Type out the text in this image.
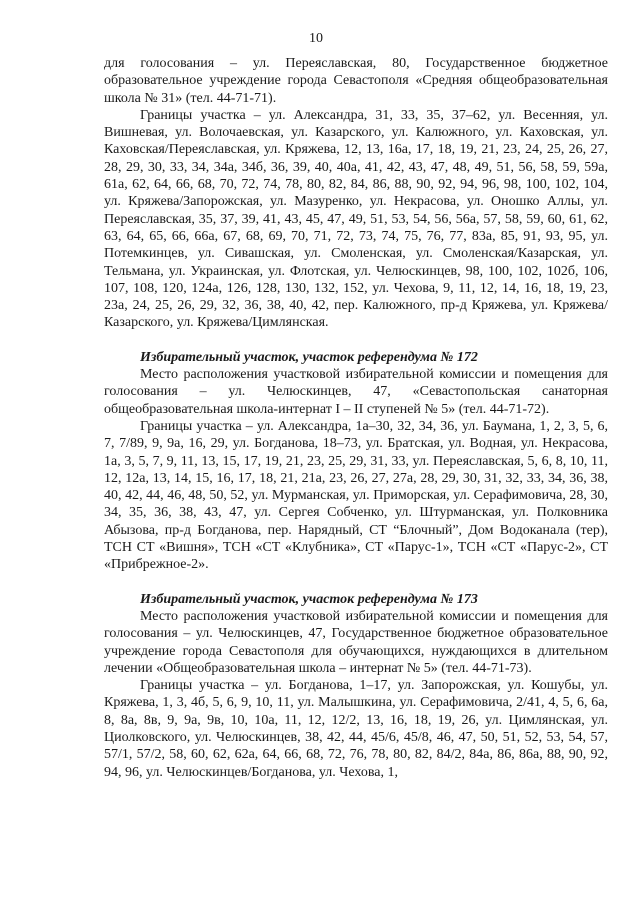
10

для голосования – ул. Переяславская, 80, Государственное бюджетное образовательное учреждение города Севастополя «Средняя общеобразовательная школа № 31» (тел. 44-71-71).

Границы участка – ул. Александра, 31, 33, 35, 37–62, ул. Весенняя, ул. Вишневая, ул. Волочаевская, ул. Казарского, ул. Калюжного, ул. Каховская, ул. Каховская/Переяславская, ул. Кряжева, 12, 13, 16а, 17, 18, 19, 21, 23, 24, 25, 26, 27, 28, 29, 30, 33, 34, 34а, 34б, 36, 39, 40, 40а, 41, 42, 43, 47, 48, 49, 51, 56, 58, 59, 59а, 61а, 62, 64, 66, 68, 70, 72, 74, 78, 80, 82, 84, 86, 88, 90, 92, 94, 96, 98, 100, 102, 104, ул. Кряжева/Запорожская, ул. Мазуренко, ул. Некрасова, ул. Оношко Аллы, ул. Переяславская, 35, 37, 39, 41, 43, 45, 47, 49, 51, 53, 54, 56, 56а, 57, 58, 59, 60, 61, 62, 63, 64, 65, 66, 66а, 67, 68, 69, 70, 71, 72, 73, 74, 75, 76, 77, 83а, 85, 91, 93, 95, ул. Потемкинцев, ул. Сивашская, ул. Смоленская, ул. Смоленская/Казарская, ул. Тельмана, ул. Украинская, ул. Флотская, ул. Челюскинцев, 98, 100, 102, 102б, 106, 107, 108, 120, 124а, 126, 128, 130, 132, 152, ул. Чехова, 9, 11, 12, 14, 16, 18, 19, 23, 23а, 24, 25, 26, 29, 32, 36, 38, 40, 42, пер. Калюжного, пр-д Кряжева, ул. Кряжева/Казарского, ул. Кряжева/Цимлянская.

Избирательный участок, участок референдума № 172

Место расположения участковой избирательной комиссии и помещения для голосования – ул. Челюскинцев, 47, «Севастопольская санаторная общеобразовательная школа-интернат I – II ступеней № 5» (тел. 44-71-72).

Границы участка – ул. Александра, 1а–30, 32, 34, 36, ул. Баумана, 1, 2, 3, 5, 6, 7, 7/89, 9, 9а, 16, 29, ул. Богданова, 18–73, ул. Братская, ул. Водная, ул. Некрасова, 1а, 3, 5, 7, 9, 11, 13, 15, 17, 19, 21, 23, 25, 29, 31, 33, ул. Переяславская, 5, 6, 8, 10, 11, 12, 12а, 13, 14, 15, 16, 17, 18, 21, 21а, 23, 26, 27, 27а, 28, 29, 30, 31, 32, 33, 34, 36, 38, 40, 42, 44, 46, 48, 50, 52, ул. Мурманская, ул. Приморская, ул. Серафимовича, 28, 30, 34, 35, 36, 38, 43, 47, ул. Сергея Собченко, ул. Штурманская, ул. Полковника Абызова, пр-д Богданова, пер. Нарядный, СТ “Блочный”, Дом Водоканала (тер), ТСН СТ «Вишня», ТСН «СТ «Клубника», СТ «Парус-1», ТСН «СТ «Парус-2», СТ «Прибрежное-2».

Избирательный участок, участок референдума № 173

Место расположения участковой избирательной комиссии и помещения для голосования – ул. Челюскинцев, 47, Государственное бюджетное образовательное учреждение города Севастополя для обучающихся, нуждающихся в длительном лечении «Общеобразовательная школа – интернат № 5» (тел. 44-71-73).

Границы участка – ул. Богданова, 1–17, ул. Запорожская, ул. Кошубы, ул. Кряжева, 1, 3, 4б, 5, 6, 9, 10, 11, ул. Малышкина, ул. Серафимовича, 2/41, 4, 5, 6, 6а, 8, 8а, 8в, 9, 9а, 9в, 10, 10а, 11, 12, 12/2, 13, 16, 18, 19, 26, ул. Цимлянская, ул. Циолковского, ул. Челюскинцев, 38, 42, 44, 45/6, 45/8, 46, 47, 50, 51, 52, 53, 54, 57, 57/1, 57/2, 58, 60, 62, 62а, 64, 66, 68, 72, 76, 78, 80, 82, 84/2, 84а, 86, 86а, 88, 90, 92, 94, 96, ул. Челюскинцев/Богданова, ул. Чехова, 1,
